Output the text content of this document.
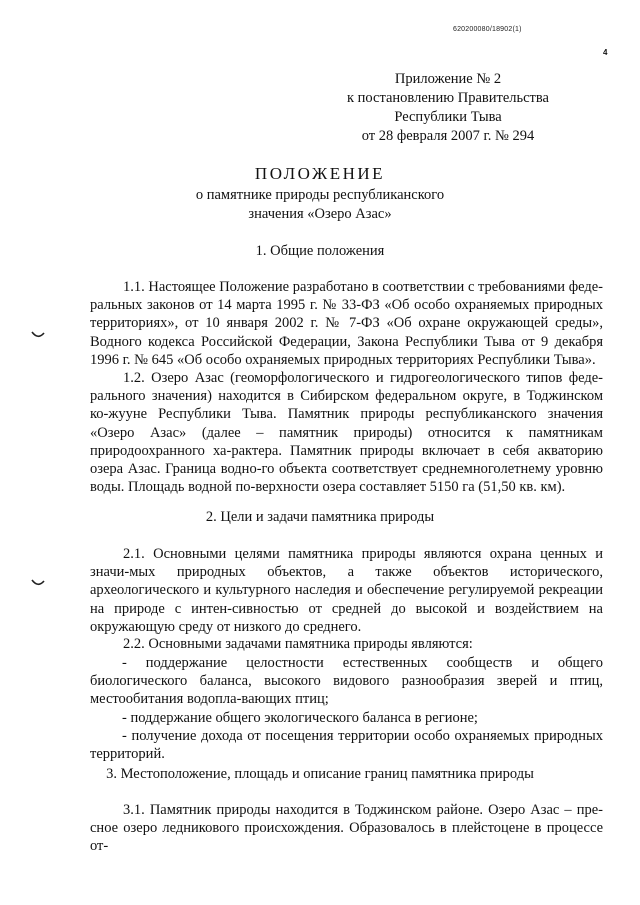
620200080/18902(1)
4
Приложение № 2
к постановлению Правительства
Республики Тыва
от 28 февраля 2007 г. № 294
ПОЛОЖЕНИЕ
о памятнике природы республиканского
значения «Озеро Азас»
1. Общие положения
1.1. Настоящее Положение разработано в соответствии с требованиями феде-ральных законов от 14 марта 1995 г. № 33-ФЗ «Об особо охраняемых природных территориях», от 10 января 2002 г. № 7-ФЗ «Об охране окружающей среды», Водного кодекса Российской Федерации, Закона Республики Тыва от 9 декабря 1996 г. № 645 «Об особо охраняемых природных территориях Республики Тыва».
1.2. Озеро Азас (геоморфологического и гидрогеологического типов феде-рального значения) находится в Сибирском федеральном округе, в Тоджинском ко-жууне Республики Тыва. Памятник природы республиканского значения «Озеро Азас» (далее – памятник природы) относится к памятникам природоохранного ха-рактера. Памятник природы включает в себя акваторию озера Азас. Граница водно-го объекта соответствует среднемноголетнему уровню воды. Площадь водной по-верхности озера составляет 5150 га (51,50 кв. км).
2. Цели и задачи памятника природы
2.1. Основными целями памятника природы являются охрана ценных и значи-мых природных объектов, а также объектов исторического, археологического и культурного наследия и обеспечение регулируемой рекреации на природе с интен-сивностью от средней до высокой и воздействием на окружающую среду от низкого до среднего.
2.2. Основными задачами памятника природы являются:
- поддержание целостности естественных сообществ и общего биологического баланса, высокого видового разнообразия зверей и птиц, местообитания водопла-вающих птиц;
- поддержание общего экологического баланса в регионе;
- получение дохода от посещения территории особо охраняемых природных территорий.
3. Местоположение, площадь и описание границ памятника природы
3.1. Памятник природы находится в Тоджинском районе. Озеро Азас – пре-сное озеро ледникового происхождения. Образовалось в плейстоцене в процессе от-
